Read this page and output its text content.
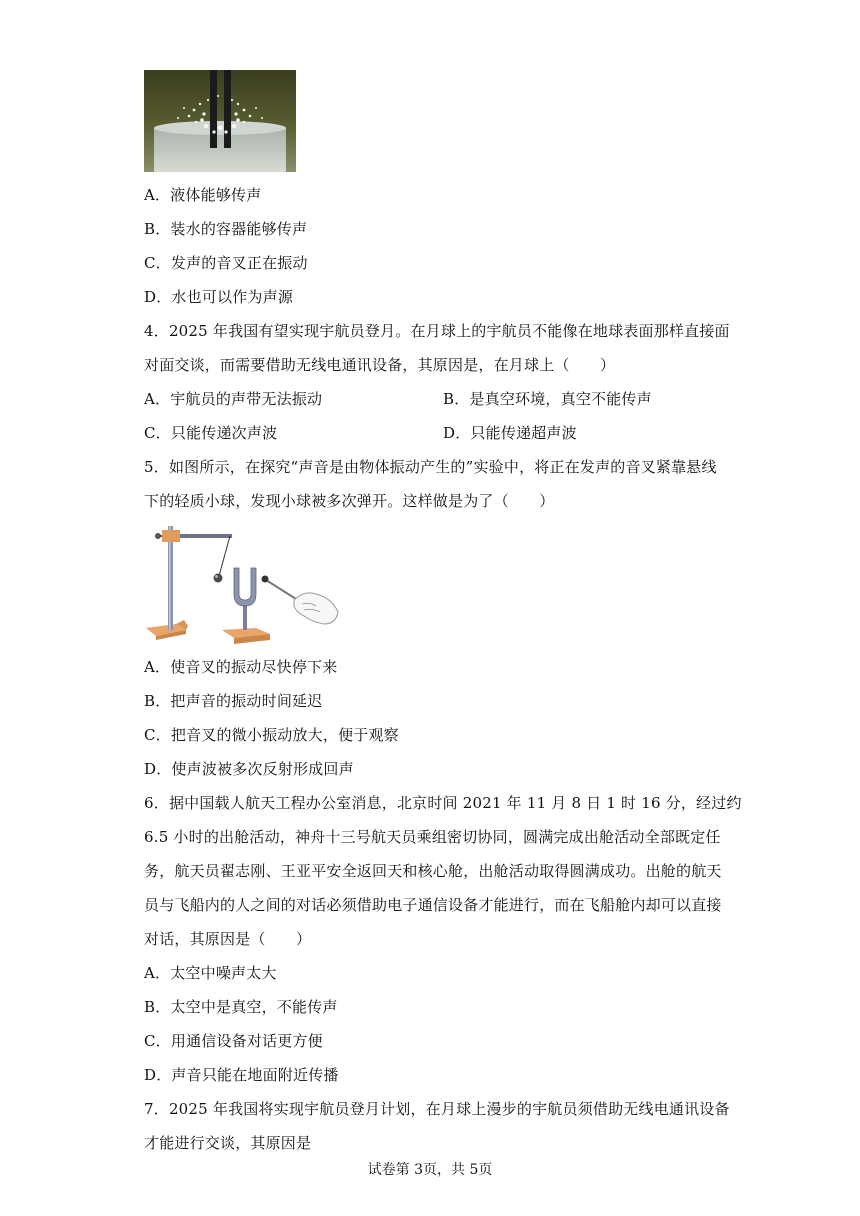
A．液体能够传声
B．装水的容器能够传声
C．发声的音叉正在振动
D．水也可以作为声源
4．2025 年我国有望实现宇航员登月。在月球上的宇航员不能像在地球表面那样直接面
对面交谈，而需要借助无线电通讯设备，其原因是，在月球上（　　）
A．宇航员的声带无法振动	B．是真空环境，真空不能传声
C．只能传递次声波	D．只能传递超声波
5．如图所示，在探究“声音是由物体振动产生的”实验中，将正在发声的音叉紧靠悬线
下的轻质小球，发现小球被多次弹开。这样做是为了（　　）
A．使音叉的振动尽快停下来
B．把声音的振动时间延迟
C．把音叉的微小振动放大，便于观察
D．使声波被多次反射形成回声
6．据中国载人航天工程办公室消息，北京时间 2021 年 11 月 8 日 1 时 16 分，经过约
6.5 小时的出舱活动，神舟十三号航天员乘组密切协同，圆满完成出舱活动全部既定任
务，航天员翟志刚、王亚平安全返回天和核心舱，出舱活动取得圆满成功。出舱的航天
员与飞船内的人之间的对话必须借助电子通信设备才能进行，而在飞船舱内却可以直接
对话，其原因是（　　）
A．太空中噪声太大
B．太空中是真空，不能传声
C．用通信设备对话更方便
D．声音只能在地面附近传播
7．2025 年我国将实现宇航员登月计划，在月球上漫步的宇航员须借助无线电通讯设备
才能进行交谈，其原因是
试卷第 3页，共 5页
